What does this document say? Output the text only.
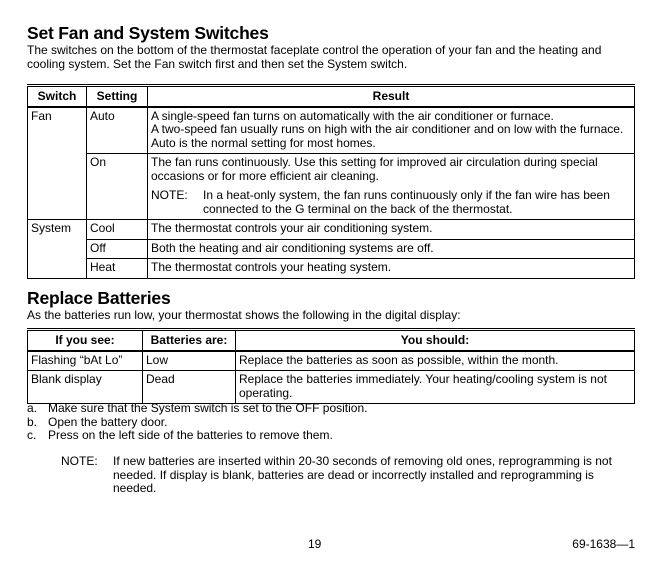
Set Fan and System Switches

The switches on the bottom of the thermostat faceplate control the operation of your fan and the heating and cooling system. Set the Fan switch first and then set the System switch.

Switch	Setting	Result
Fan	Auto	A single-speed fan turns on automatically with the air conditioner or furnace.
A two-speed fan usually runs on high with the air conditioner and on low with the furnace.
Auto is the normal setting for most homes.

	On	The fan runs continuously. Use this setting for improved air circulation during special occasions or for more efficient air cleaning.
NOTE: In a heat-only system, the fan runs continuously only if the fan wire has been connected to the G terminal on the back of the thermostat.

System	Cool	The thermostat controls your air conditioning system.
	Off	Both the heating and air conditioning systems are off.
	Heat	The thermostat controls your heating system.
Replace Batteries

As the batteries run low, your thermostat shows the following in the digital display:

If you see:	Batteries are:	You should:
Flashing “bAt Lo”	Low	Replace the batteries as soon as possible, within the month.
Blank display	Dead	Replace the batteries immediately. Your heating/cooling system is not operating.
a. Make sure that the System switch is set to the OFF position.
b. Open the battery door.
c. Press on the left side of the batteries to remove them.
NOTE:	If new batteries are inserted within 20-30 seconds of removing old ones, reprogramming is not needed. If display is blank, batteries are dead or incorrectly installed and reprogramming is needed.
19	69-1638—1
